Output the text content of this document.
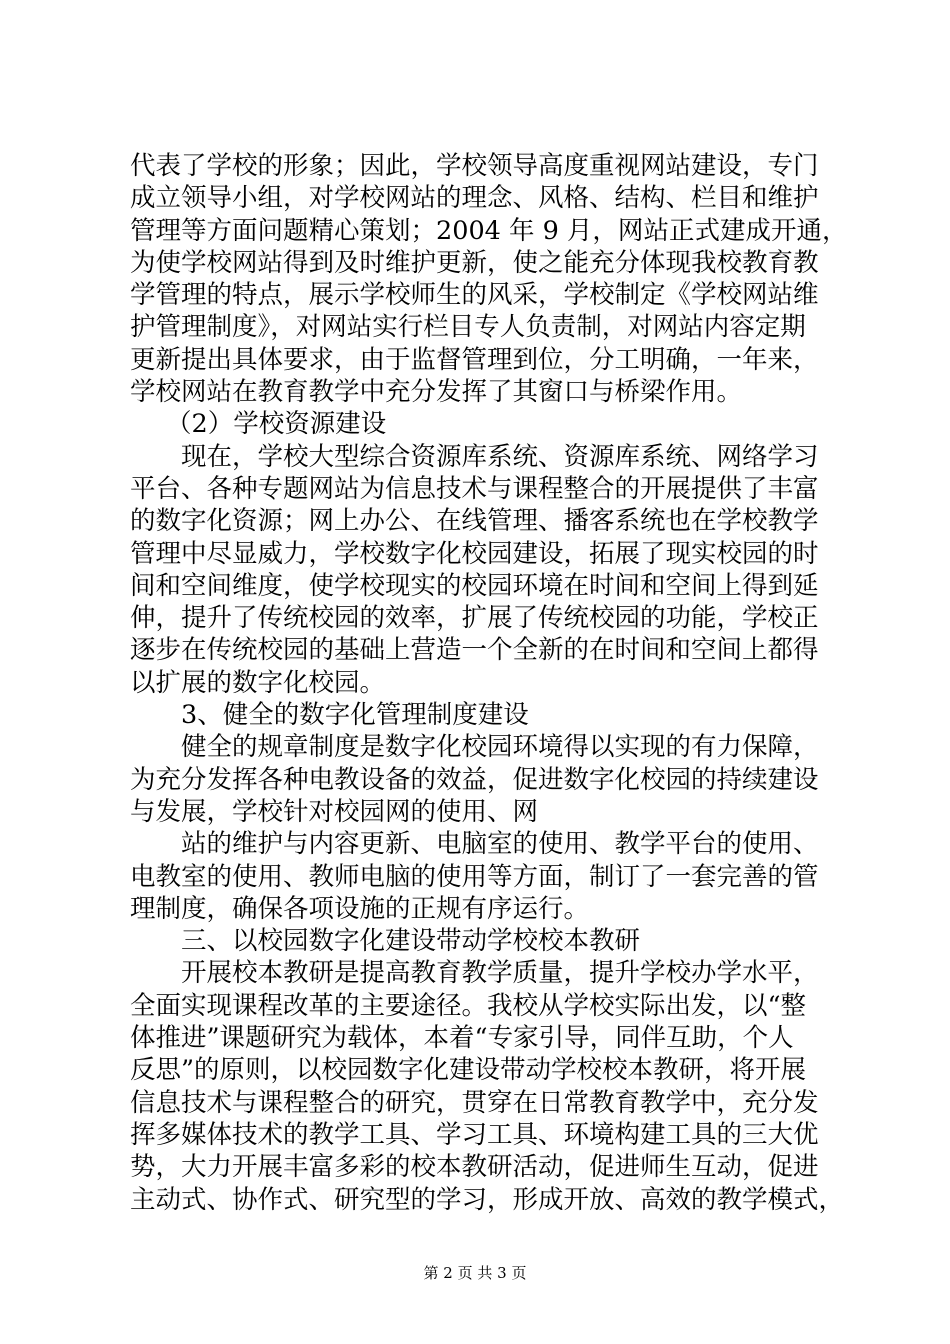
代表了学校的形象；因此，学校领导高度重视网站建设，专门
成立领导小组，对学校网站的理念、风格、结构、栏目和维护
管理等方面问题精心策划；2004 年 9 月，网站正式建成开通，
为使学校网站得到及时维护更新，使之能充分体现我校教育教
学管理的特点，展示学校师生的风采，学校制定《学校网站维
护管理制度》，对网站实行栏目专人负责制，对网站内容定期
更新提出具体要求，由于监督管理到位，分工明确，一年来，
学校网站在教育教学中充分发挥了其窗口与桥梁作用。
（2）学校资源建设
现在，学校大型综合资源库系统、资源库系统、网络学习
平台、各种专题网站为信息技术与课程整合的开展提供了丰富
的数字化资源；网上办公、在线管理、播客系统也在学校教学
管理中尽显威力，学校数字化校园建设，拓展了现实校园的时
间和空间维度，使学校现实的校园环境在时间和空间上得到延
伸，提升了传统校园的效率，扩展了传统校园的功能，学校正
逐步在传统校园的基础上营造一个全新的在时间和空间上都得
以扩展的数字化校园。
3、健全的数字化管理制度建设
健全的规章制度是数字化校园环境得以实现的有力保障，
为充分发挥各种电教设备的效益，促进数字化校园的持续建设
与发展，学校针对校园网的使用、网
站的维护与内容更新、电脑室的使用、教学平台的使用、
电教室的使用、教师电脑的使用等方面，制订了一套完善的管
理制度，确保各项设施的正规有序运行。
三、以校园数字化建设带动学校校本教研
开展校本教研是提高教育教学质量，提升学校办学水平，
全面实现课程改革的主要途径。我校从学校实际出发，以“整
体推进”课题研究为载体，本着“专家引导，同伴互助，个人
反思”的原则，以校园数字化建设带动学校校本教研，将开展
信息技术与课程整合的研究，贯穿在日常教育教学中，充分发
挥多媒体技术的教学工具、学习工具、环境构建工具的三大优
势，大力开展丰富多彩的校本教研活动，促进师生互动，促进
主动式、协作式、研究型的学习，形成开放、高效的教学模式，
第 2 页 共 3 页
